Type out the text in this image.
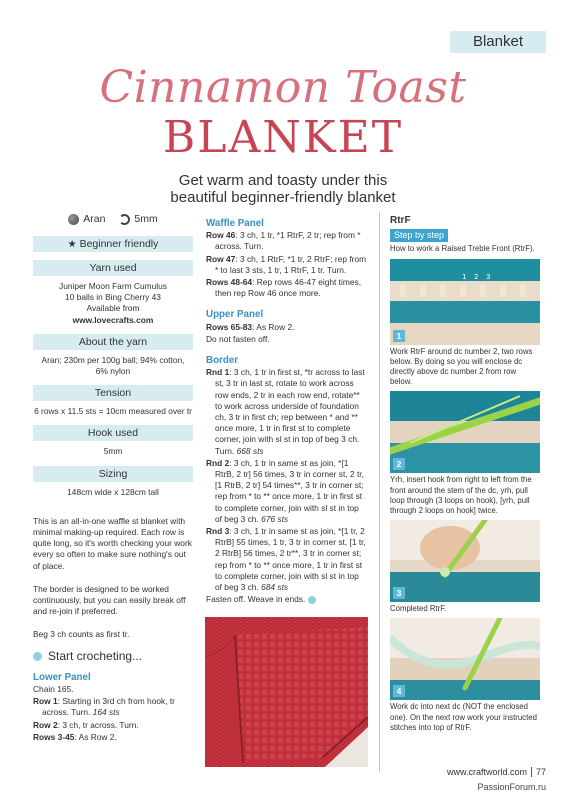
Blanket
Cinnamon Toast
BLANKET
Get warm and toasty under this
beautiful beginner-friendly blanket
Aran	5mm
★ Beginner friendly
Yarn used
Juniper Moon Farm Cumulus
10 balls in Bing Cherry 43
Available from
www.lovecrafts.com
About the yarn
Aran; 230m per 100g ball; 94% cotton,
6% nylon
Tension
6 rows x 11.5 sts = 10cm measured over tr
Hook used
5mm
Sizing
148cm wide x 128cm tall
This is an all-in-one waffle st blanket with minimal making-up required. Each row is quite long, so it's worth checking your work every so often to make sure nothing's out of place.
The border is designed to be worked continuously, but you can easily break off and re-join if preferred.
Beg 3 ch counts as first tr.
Start crocheting...
Lower Panel
Chain 165.
Row 1: Starting in 3rd ch from hook, tr across. Turn. 164 sts
Row 2: 3 ch, tr across. Turn.
Rows 3-45: As Row 2.
Waffle Panel
Row 46: 3 ch, 1 tr, *1 RtrF, 2 tr; rep from * across. Turn.
Row 47: 3 ch, 1 RtrF, *1 tr, 2 RtrF; rep from * to last 3 sts, 1 tr, 1 RtrF, 1 tr. Turn.
Rows 48-64: Rep rows 46-47 eight times, then rep Row 46 once more.
Upper Panel
Rows 65-83: As Row 2.
Do not fasten off.
Border
Rnd 1: 3 ch, 1 tr in first st, *tr across to last st, 3 tr in last st, rotate to work across row ends, 2 tr in each row end, rotate** to work across underside of foundation ch, 3 tr in first ch; rep between * and ** once more, 1 tr in first st to complete corner, join with sl st in top of beg 3 ch. Turn. 668 sts
Rnd 2: 3 ch, 1 tr in same st as join, *[1 RtrB, 2 tr] 56 times, 3 tr in corner st, 2 tr, [1 RtrB, 2 tr] 54 times**, 3 tr in corner st; rep from * to ** once more, 1 tr in first st to complete corner, join with sl st in top of beg 3 ch. 676 sts
Rnd 3: 3 ch, 1 tr in same st as join, *[1 tr, 2 RtrB] 55 times, 1 tr, 3 tr in corner st, [1 tr, 2 RtrB] 56 times, 2 tr**, 3 tr in corner st; rep from * to ** once more, 1 tr in first st to complete corner, join with sl st in top of beg 3 ch. 684 sts
Fasten off. Weave in ends.
RtrF
Step by step
How to work a Raised Treble Front (RtrF).
1 2 3
1
Work RtrF around dc number 2, two rows below. By doing so you will enclose dc directly above dc number 2 from row below.
2
Yrh, insert hook from right to left from the front around the stem of the dc, yrh, pull loop through (3 loops on hook), [yrh, pull through 2 loops on hook] twice.
3
Completed RtrF.
4
Work dc into next dc (NOT the enclosed one). On the next row work your instructed stitches into top of RtrF.
www.craftworld.com 77
PassionForum.ru
